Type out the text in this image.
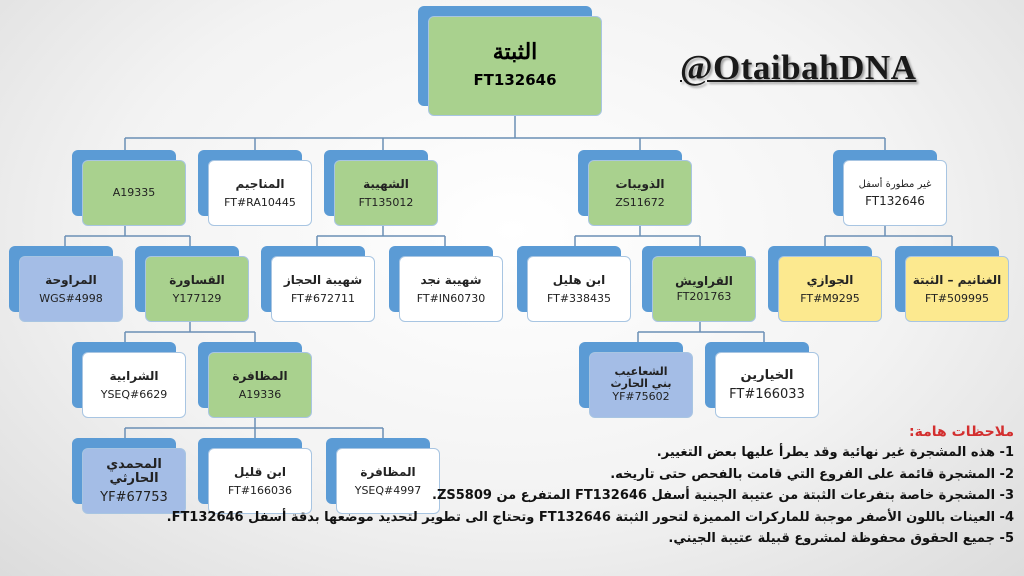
@OtaibahDNA
الثبتة
FT132646
غير مطورة أسفل
FT132646
الذويبات
ZS11672
الشهيبة
FT135012
المناجيم
FT#RA10445
A19335
الغنانيم – الثبتة
FT#509995
الجوازي
FT#M9295
القراويش
FT201763
ابن هليل
FT#338435
شهيبة نجد
FT#IN60730
شهيبة الحجاز
FT#672711
القساورة
Y177129
المراوحة
WGS#4998
الخيارين
FT#166033
الشعاعيب
بني الحارث
YF#75602
المظافرة
A19336
الشرابية
YSEQ#6629
المظافرة
YSEQ#4997
ابن قليل
FT#166036
المحمدي الحارثي
YF#67753
ملاحظات هامة:
1- هذه المشجرة غير نهائية وقد يطرأ عليها بعض التغيير.
2- المشجرة قائمة على الفروع التي قامت بالفحص حتى تاريخه.
3- المشجرة خاصة بتفرعات الثبتة من عتيبة الجينية أسفل FT132646 المتفرع من ZS5809.
4- العينات باللون الأصفر موجبة للماركرات المميزة لتحور الثبتة FT132646 وتحتاج الى تطوير لتحديد موضعها بدقة أسفل FT132646.
5- جميع الحقوق محفوظة لمشروع قبيلة عتيبة الجيني.
